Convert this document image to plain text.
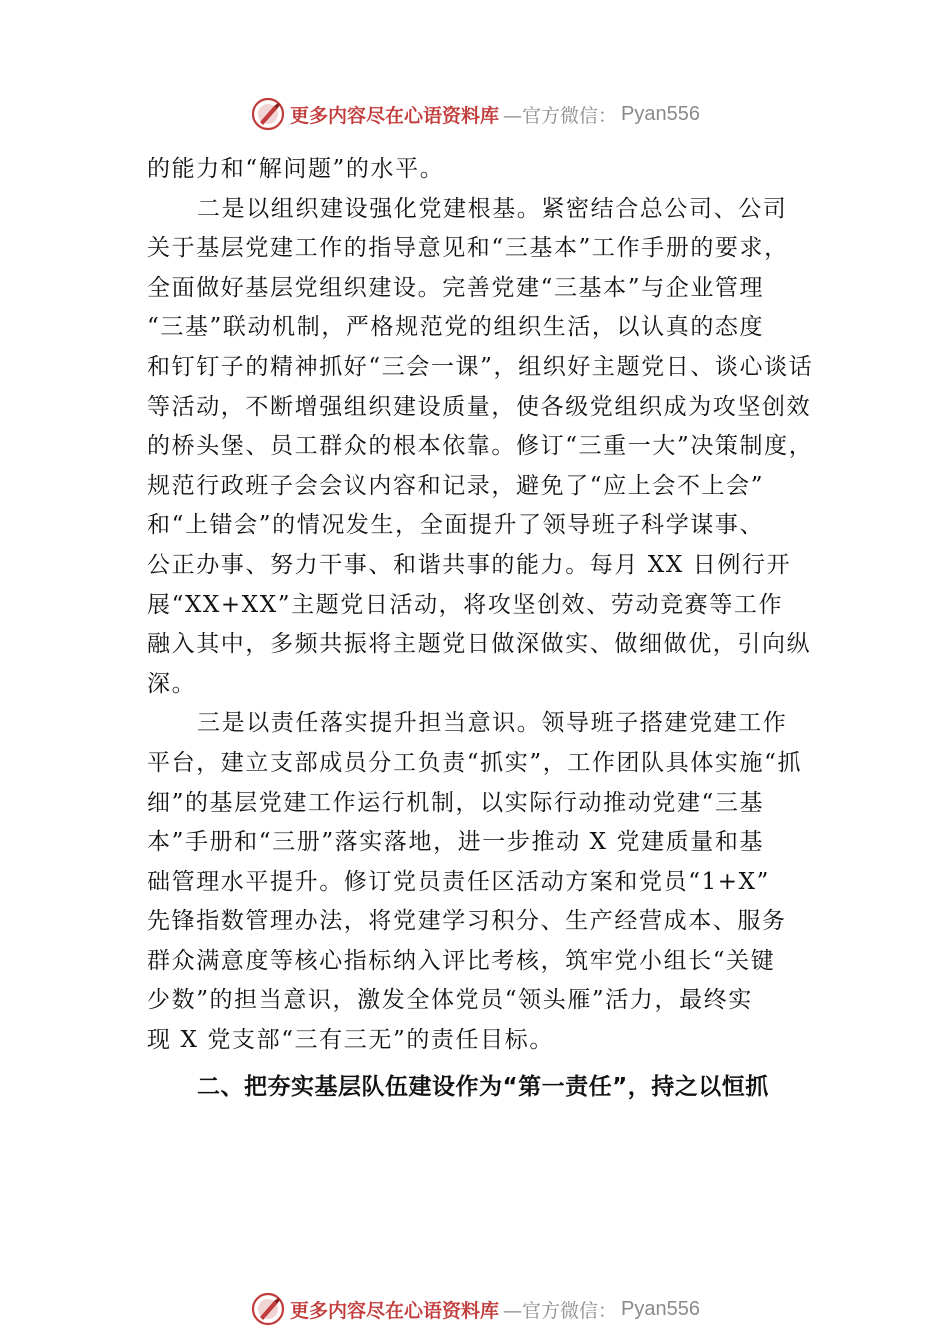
更多内容尽在心语资料库 —官方微信： Pyan556
的能力和“解问题”的水平。
二是以组织建设强化党建根基。紧密结合总公司、公司
关于基层党建工作的指导意见和“三基本”工作手册的要求，
全面做好基层党组织建设。完善党建“三基本”与企业管理
“三基”联动机制，严格规范党的组织生活，以认真的态度
和钉钉子的精神抓好“三会一课”，组织好主题党日、谈心谈话
等活动，不断增强组织建设质量，使各级党组织成为攻坚创效
的桥头堡、员工群众的根本依靠。修订“三重一大”决策制度，
规范行政班子会会议内容和记录，避免了“应上会不上会”
和“上错会”的情况发生，全面提升了领导班子科学谋事、
公正办事、努力干事、和谐共事的能力。每月 XX 日例行开
展“XX+XX”主题党日活动，将攻坚创效、劳动竞赛等工作
融入其中，多频共振将主题党日做深做实、做细做优，引向纵
深。
三是以责任落实提升担当意识。领导班子搭建党建工作
平台，建立支部成员分工负责“抓实”，工作团队具体实施“抓
细”的基层党建工作运行机制，以实际行动推动党建“三基
本”手册和“三册”落实落地，进一步推动 X 党建质量和基
础管理水平提升。修订党员责任区活动方案和党员“1+X”
先锋指数管理办法，将党建学习积分、生产经营成本、服务
群众满意度等核心指标纳入评比考核，筑牢党小组长“关键
少数”的担当意识，激发全体党员“领头雁”活力，最终实
现 X 党支部“三有三无”的责任目标。
二、把夯实基层队伍建设作为“第一责任”，持之以恒抓
更多内容尽在心语资料库 —官方微信： Pyan556
